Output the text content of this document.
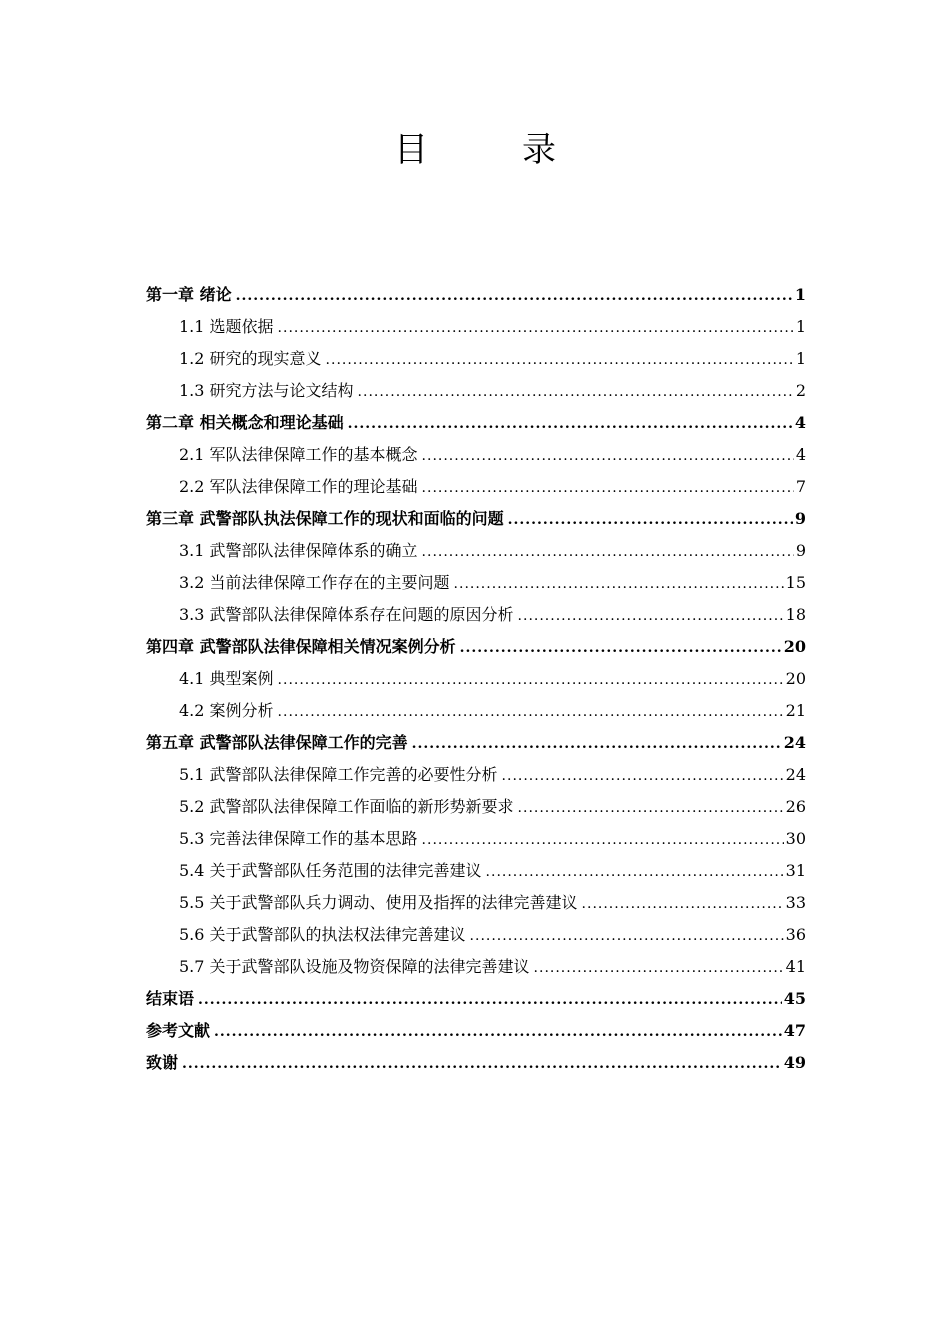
目　录
第一章 绪论 .....	1
1.1 选题依据 .....	1
1.2 研究的现实意义 .....	1
1.3 研究方法与论文结构 .....	2
第二章 相关概念和理论基础 .....	4
2.1 军队法律保障工作的基本概念 .....	4
2.2 军队法律保障工作的理论基础 .....	7
第三章 武警部队执法保障工作的现状和面临的问题 .....	9
3.1 武警部队法律保障体系的确立 .....	9
3.2 当前法律保障工作存在的主要问题 .....	15
3.3 武警部队法律保障体系存在问题的原因分析 .....	18
第四章 武警部队法律保障相关情况案例分析 .....	20
4.1 典型案例 .....	20
4.2 案例分析 .....	21
第五章 武警部队法律保障工作的完善 .....	24
5.1 武警部队法律保障工作完善的必要性分析 .....	24
5.2 武警部队法律保障工作面临的新形势新要求 .....	26
5.3 完善法律保障工作的基本思路 .....	30
5.4 关于武警部队任务范围的法律完善建议 .....	31
5.5 关于武警部队兵力调动、使用及指挥的法律完善建议 .....	33
5.6 关于武警部队的执法权法律完善建议 .....	36
5.7 关于武警部队设施及物资保障的法律完善建议 .....	41
结束语 .....	45
参考文献 .....	47
致谢 .....	49
